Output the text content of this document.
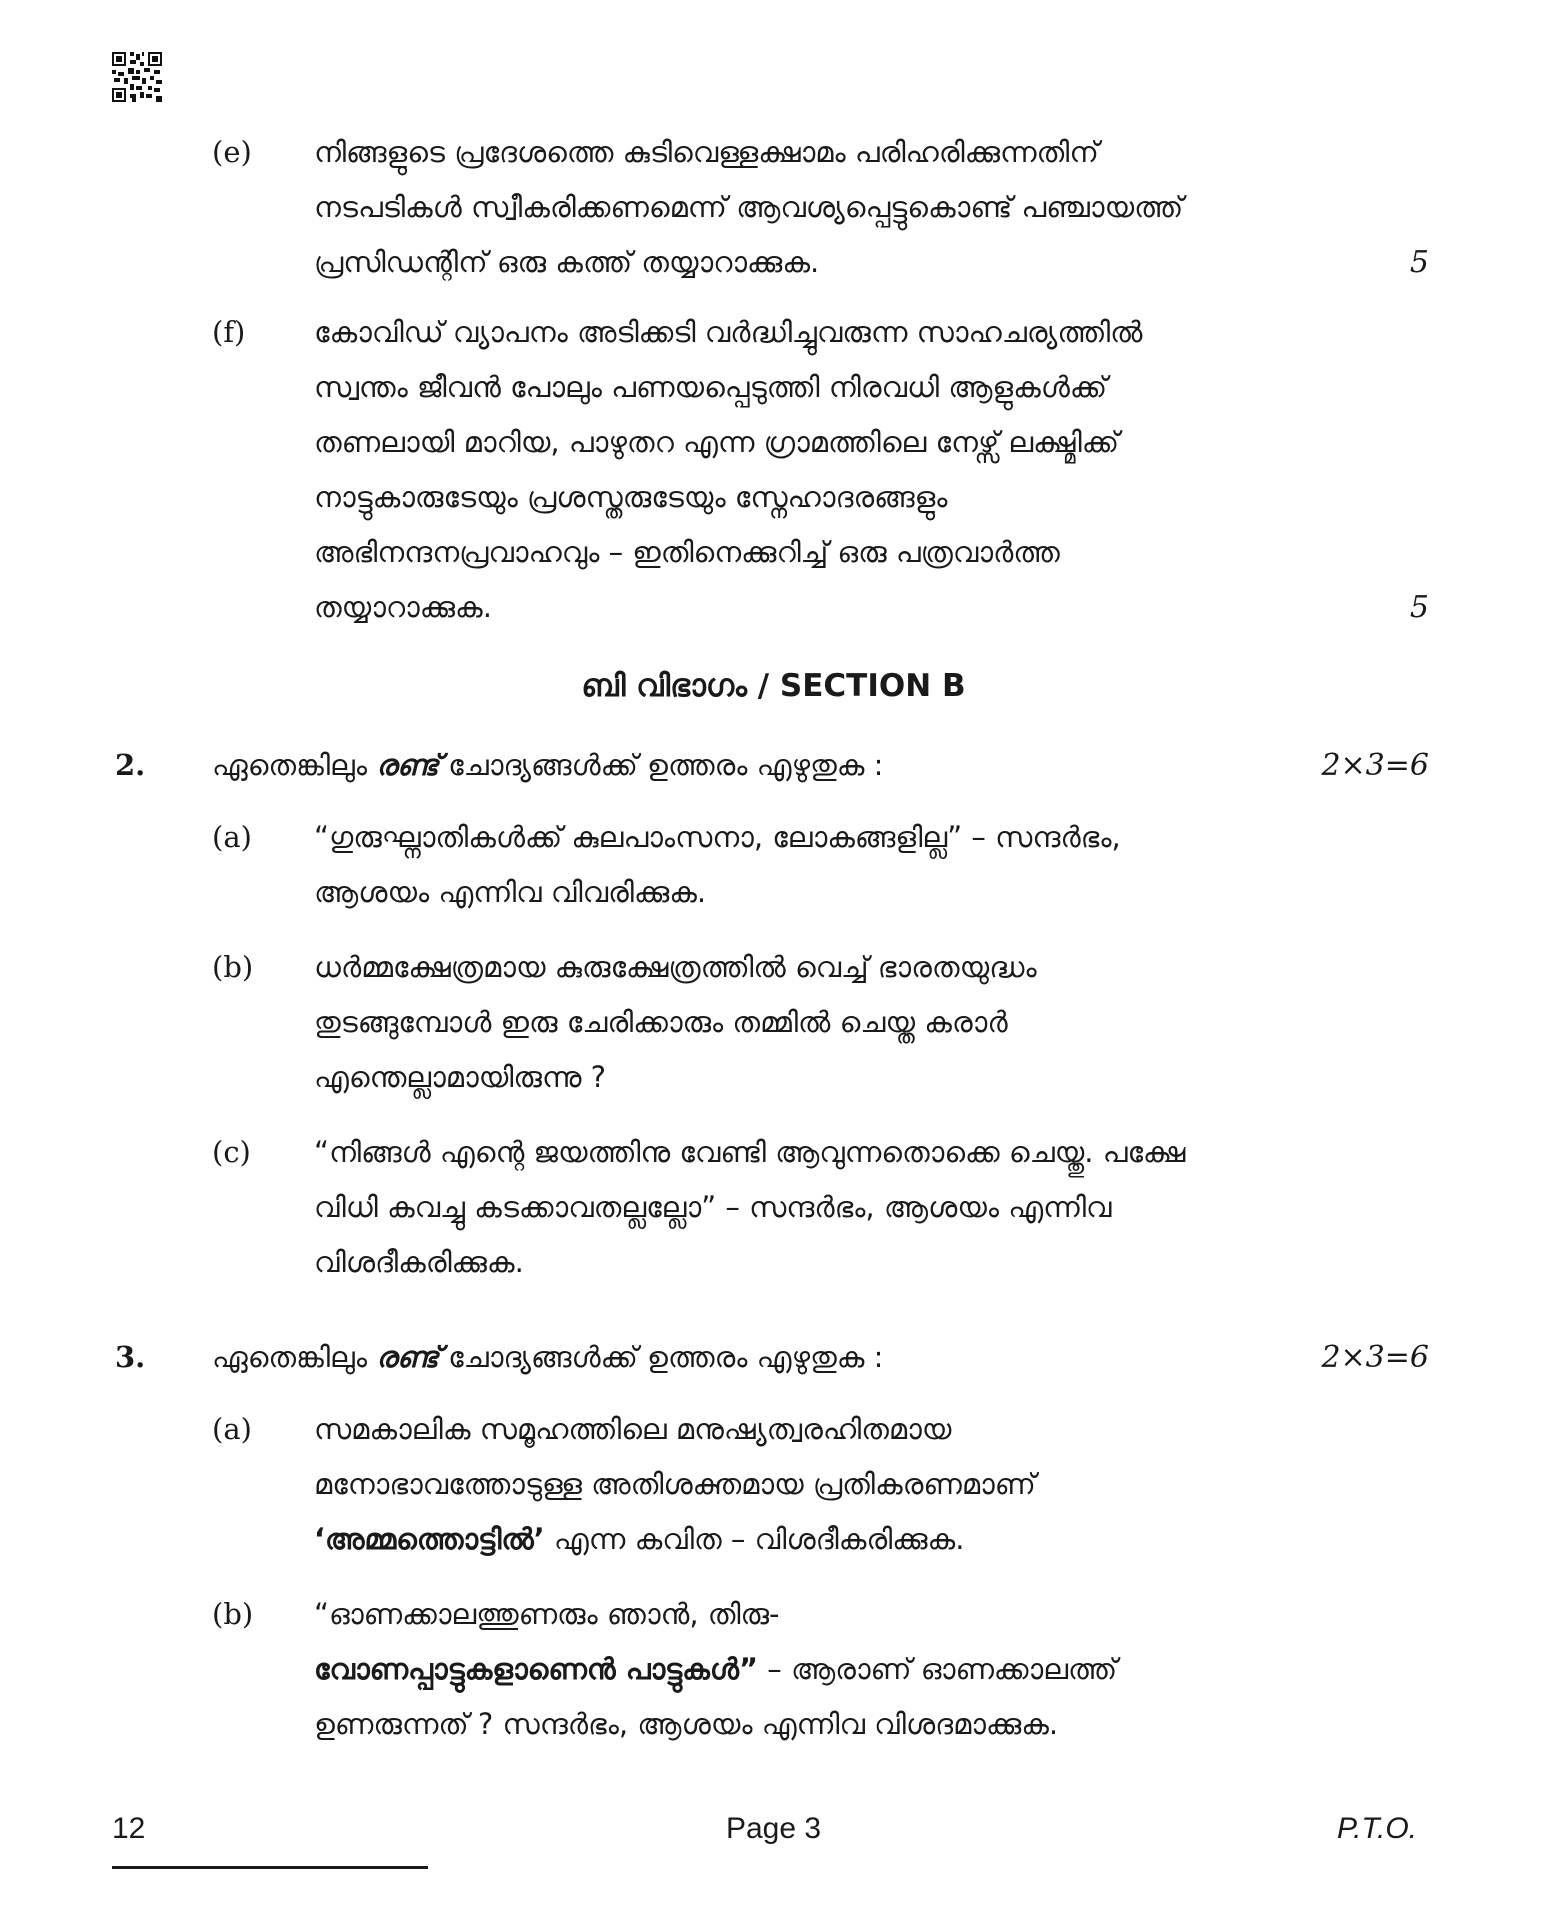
(e) നിങ്ങളുടെ പ്രദേശത്തെ കുടിവെള്ളക്ഷാമം പരിഹരിക്കുന്നതിന്
നടപടികൾ സ്വീകരിക്കണമെന്ന് ആവശ്യപ്പെട്ടുകൊണ്ട് പഞ്ചായത്ത്
പ്രസിഡന്റിന് ഒരു കത്ത് തയ്യാറാക്കുക.	5
(f) കോവിഡ് വ്യാപനം അടിക്കടി വർദ്ധിച്ചുവരുന്ന സാഹചര്യത്തിൽ
സ്വന്തം ജീവൻ പോലും പണയപ്പെടുത്തി നിരവധി ആളുകൾക്ക്
തണലായി മാറിയ, പാഴുതറ എന്ന ഗ്രാമത്തിലെ നേഴ്സ് ലക്ഷ്മിക്ക്
നാട്ടുകാരുടേയും പ്രശസ്തരുടേയും സ്നേഹാദരങ്ങളും
അഭിനന്ദനപ്രവാഹവും – ഇതിനെക്കുറിച്ച് ഒരു പത്രവാർത്ത
തയ്യാറാക്കുക.	5
ബി വിഭാഗം / SECTION B
2. ഏതെങ്കിലും രണ്ട് ചോദ്യങ്ങൾക്ക് ഉത്തരം എഴുതുക :	2×3=6
(a) “ഗുരുഘ്നാതികൾക്ക് കുലപാംസനാ, ലോകങ്ങളില്ല” – സന്ദർഭം,
ആശയം എന്നിവ വിവരിക്കുക.
(b) ധർമ്മക്ഷേത്രമായ കുരുക്ഷേത്രത്തിൽ വെച്ച് ഭാരതയുദ്ധം
തുടങ്ങുമ്പോൾ ഇരു ചേരിക്കാരും തമ്മിൽ ചെയ്ത കരാർ
എന്തെല്ലാമായിരുന്നു ?
(c) “നിങ്ങൾ എന്റെ ജയത്തിനു വേണ്ടി ആവുന്നതൊക്കെ ചെയ്തു. പക്ഷേ
വിധി കവച്ചു കടക്കാവതല്ലല്ലോ” – സന്ദർഭം, ആശയം എന്നിവ
വിശദീകരിക്കുക.
3. ഏതെങ്കിലും രണ്ട് ചോദ്യങ്ങൾക്ക് ഉത്തരം എഴുതുക :	2×3=6
(a) സമകാലിക സമൂഹത്തിലെ മനുഷ്യത്വരഹിതമായ
മനോഭാവത്തോടുള്ള അതിശക്തമായ പ്രതികരണമാണ്
‘അമ്മത്തൊട്ടിൽ’ എന്ന കവിത – വിശദീകരിക്കുക.
(b) “ഓണക്കാലത്തുണരും ഞാൻ, തിരു-
വോണപ്പാട്ടുകളാണെൻ പാട്ടുകൾ” – ആരാണ് ഓണക്കാലത്ത്
ഉണരുന്നത് ? സന്ദർഭം, ആശയം എന്നിവ വിശദമാക്കുക.
12	Page 3	P.T.O.
